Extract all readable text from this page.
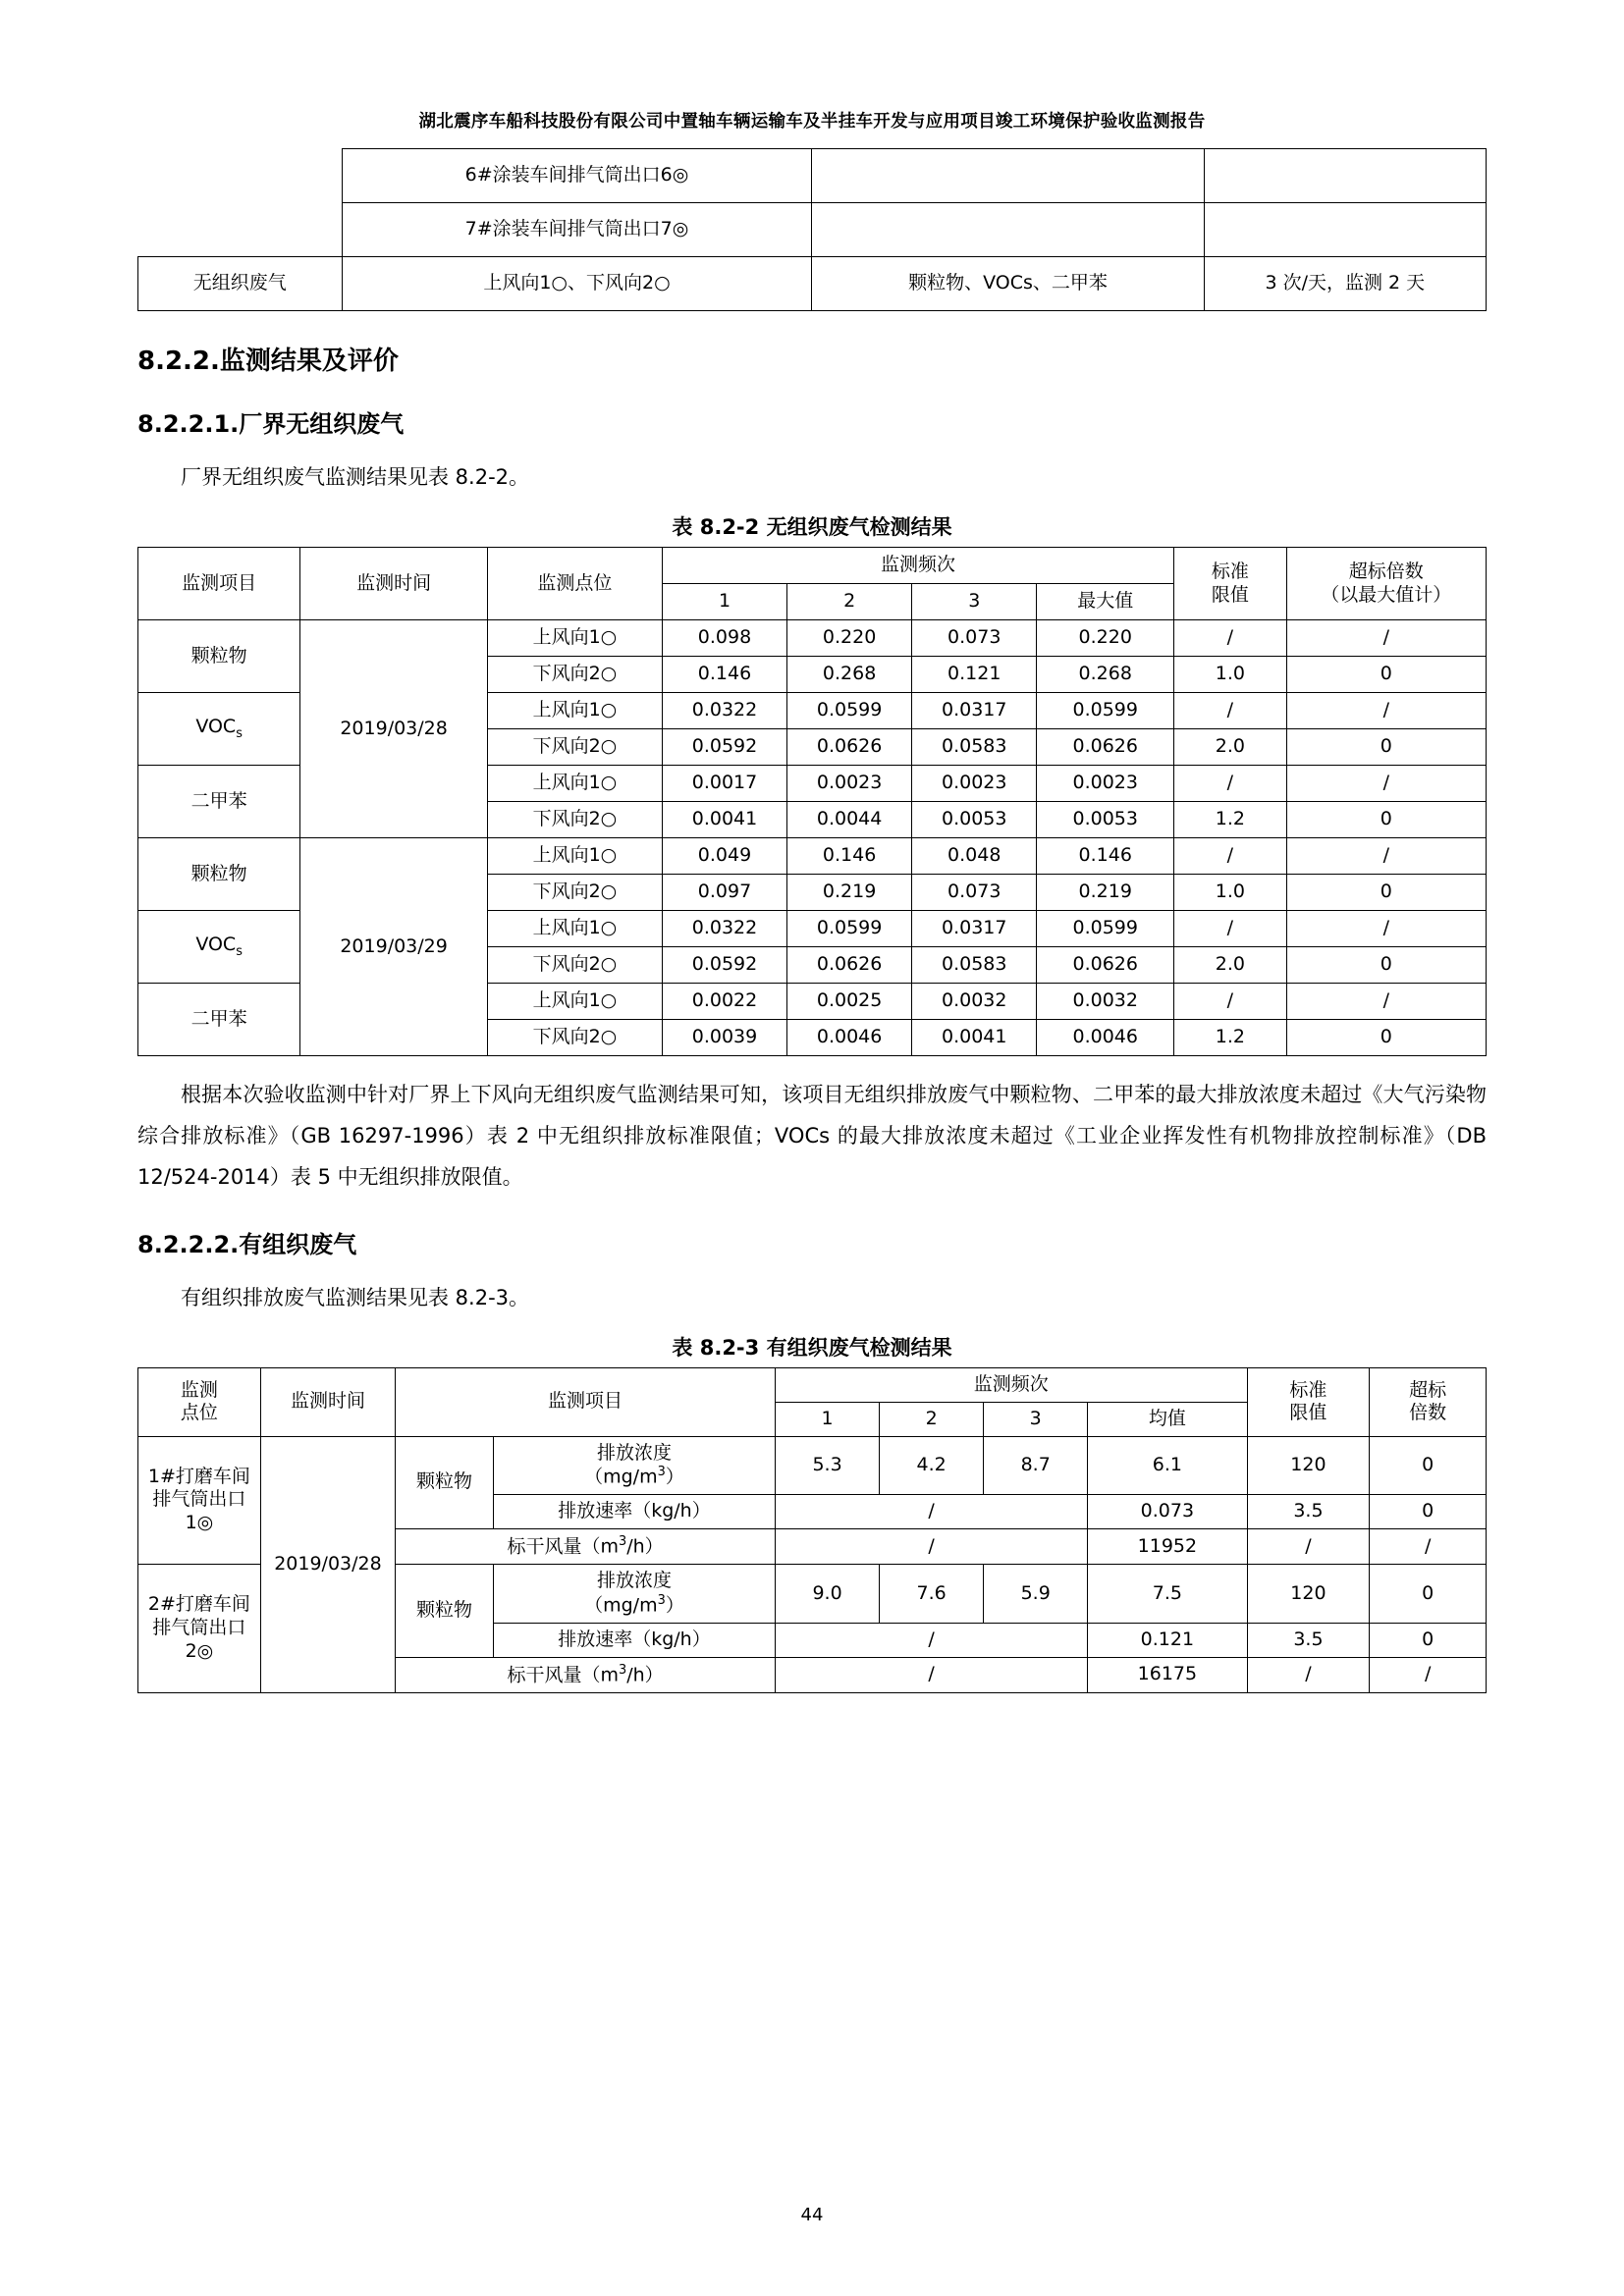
湖北震序车船科技股份有限公司中置轴车辆运输车及半挂车开发与应用项目竣工环境保护验收监测报告
	6#涂装车间排气筒出口6◎		
	7#涂装车间排气筒出口7◎		
无组织废气	上风向1○、下风向2○	颗粒物、VOCs、二甲苯	3 次/天，监测 2 天
8.2.2.监测结果及评价
8.2.2.1.厂界无组织废气

厂界无组织废气监测结果见表 8.2-2。

表 8.2-2 无组织废气检测结果
监测项目	监测时间	监测点位	监测频次	标准
限值

超标倍数
（以最大值计）

			1	2	3	最大值		
颗粒物	2019/03/28	上风向1○	0.098	0.220	0.073	0.220	/	/
		下风向2○	0.146	0.268	0.121	0.268	1.0	0
$VOC_s$		上风向1○	0.0322	0.0599	0.0317	0.0599	/	/
		下风向2○	0.0592	0.0626	0.0583	0.0626	2.0	0
二甲苯		上风向1○	0.0017	0.0023	0.0023	0.0023	/	/
		下风向2○	0.0041	0.0044	0.0053	0.0053	1.2	0
颗粒物	2019/03/29	上风向1○	0.049	0.146	0.048	0.146	/	/
		下风向2○	0.097	0.219	0.073	0.219	1.0	0
$VOC_s$		上风向1○	0.0322	0.0599	0.0317	0.0599	/	/
		下风向2○	0.0592	0.0626	0.0583	0.0626	2.0	0
二甲苯		上风向1○	0.0022	0.0025	0.0032	0.0032	/	/
		下风向2○	0.0039	0.0046	0.0041	0.0046	1.2	0

根据本次验收监测中针对厂界上下风向无组织废气监测结果可知，该项目无组织排放废气中颗粒物、二甲苯的最大排放浓度未超过《大气污染物综合排放标准》（GB 16297-1996）表 2 中无组织排放标准限值；VOCs 的最大排放浓度未超过《工业企业挥发性有机物排放控制标准》（DB 12/524-2014）表 5 中无组织排放限值。

8.2.2.2.有组织废气

有组织排放废气监测结果见表 8.2-3。

表 8.2-3 有组织废气检测结果
监测
点位
	监测时间	监测项目	监测频次	标准
限值

超标
倍数

				1	2	3	均值		
1#打磨车间排气筒出口1◎	2019/03/28	颗粒物	排放浓度
$(mg/m^3)$	5.3	4.2	8.7	6.1	120	0
			排放速率（kg/h）	/			0.073	3.5	0
		标干风量$(m^3/h)$		/			11952	/	/
2#打磨车间排气筒出口2◎		颗粒物	排放浓度
$(mg/m^3)$	9.0	7.6	5.9	7.5	120	0
			排放速率（kg/h）	/			0.121	3.5	0
		标干风量$(m^3/h)$		/			16175	/	/
44
